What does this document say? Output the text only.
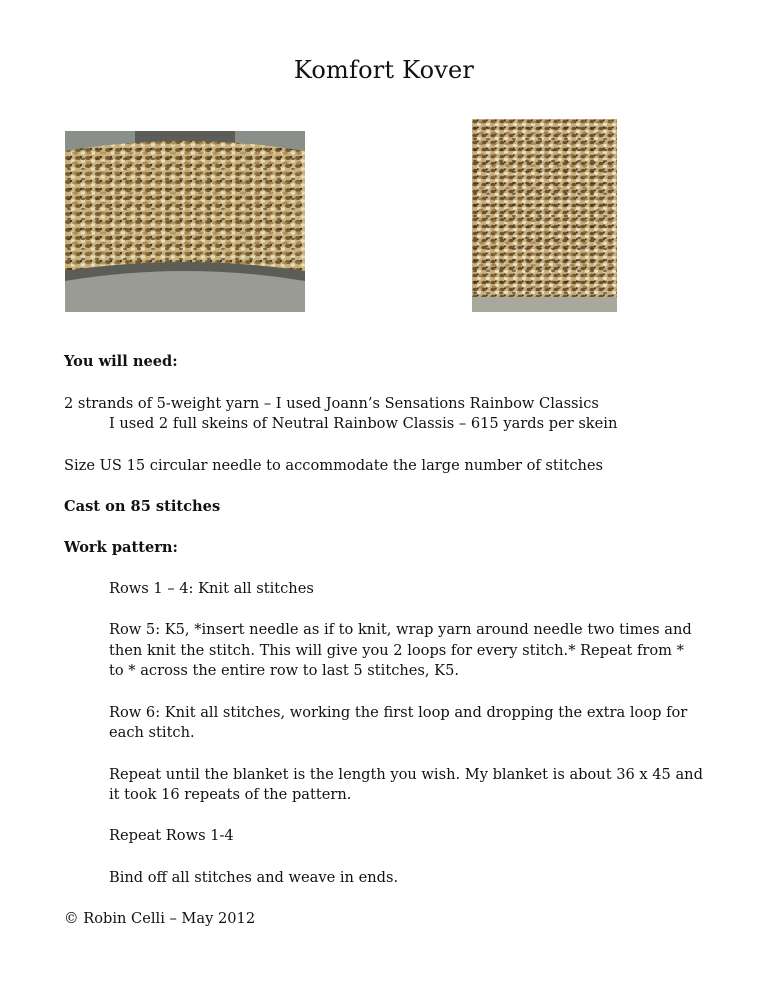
Komfort Kover
You will need:
2 strands of 5-weight yarn – I used Joann’s Sensations Rainbow Classics
I used 2 full skeins of Neutral Rainbow Classis – 615 yards per skein
Size US 15 circular needle to accommodate the large number of stitches
Cast on 85 stitches
Work pattern:
Rows 1 – 4: Knit all stitches
Row 5: K5, *insert needle as if to knit, wrap yarn around needle two times and
then knit the stitch. This will give you 2 loops for every stitch.* Repeat from *
to * across the entire row to last 5 stitches, K5.
Row 6: Knit all stitches, working the first loop and dropping the extra loop for
each stitch.
Repeat until the blanket is the length you wish. My blanket is about 36 x 45 and
it took 16 repeats of the pattern.
Repeat Rows 1-4
Bind off all stitches and weave in ends.
© Robin Celli – May 2012
